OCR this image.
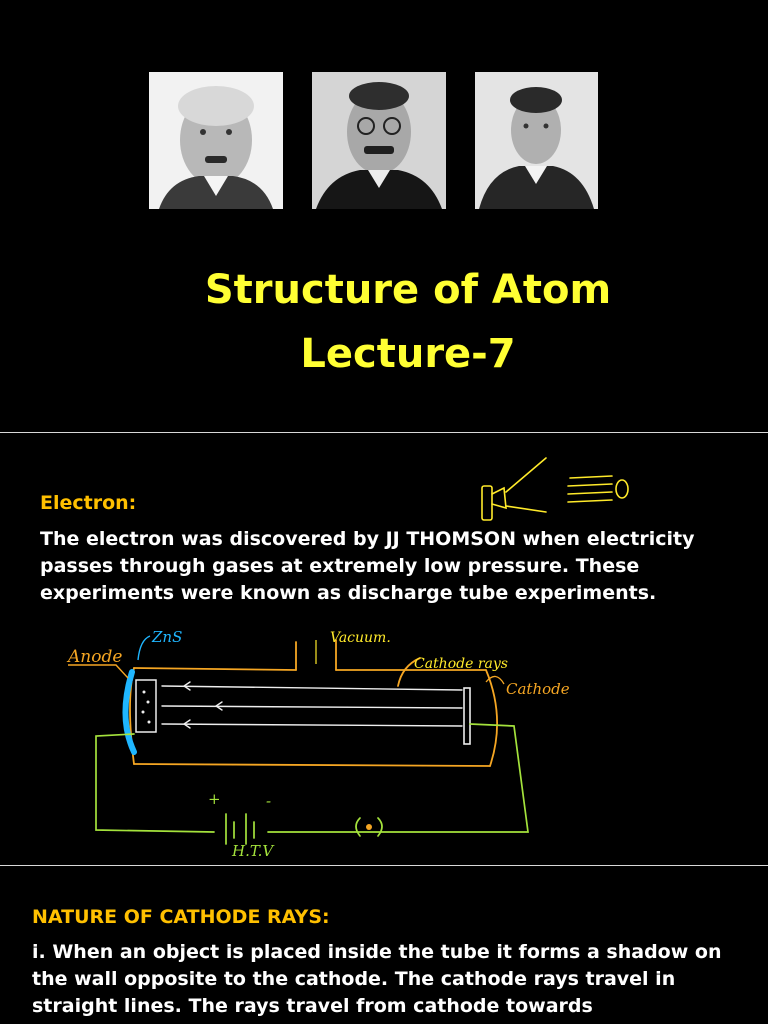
Structure of Atom
Lecture-7
Electron:
The electron was discovered by JJ THOMSON when electricity
passes through gases at extremely low pressure. These
experiments were known as discharge tube experiments.
Anode
ZnS	Vacuum.
Cathode rays
Cathode
+	-
H.T.V
NATURE OF CATHODE RAYS:
i. When an object is placed inside the tube it forms a shadow on
the wall opposite to the cathode. The cathode rays travel in
straight lines. The rays travel from cathode towards
